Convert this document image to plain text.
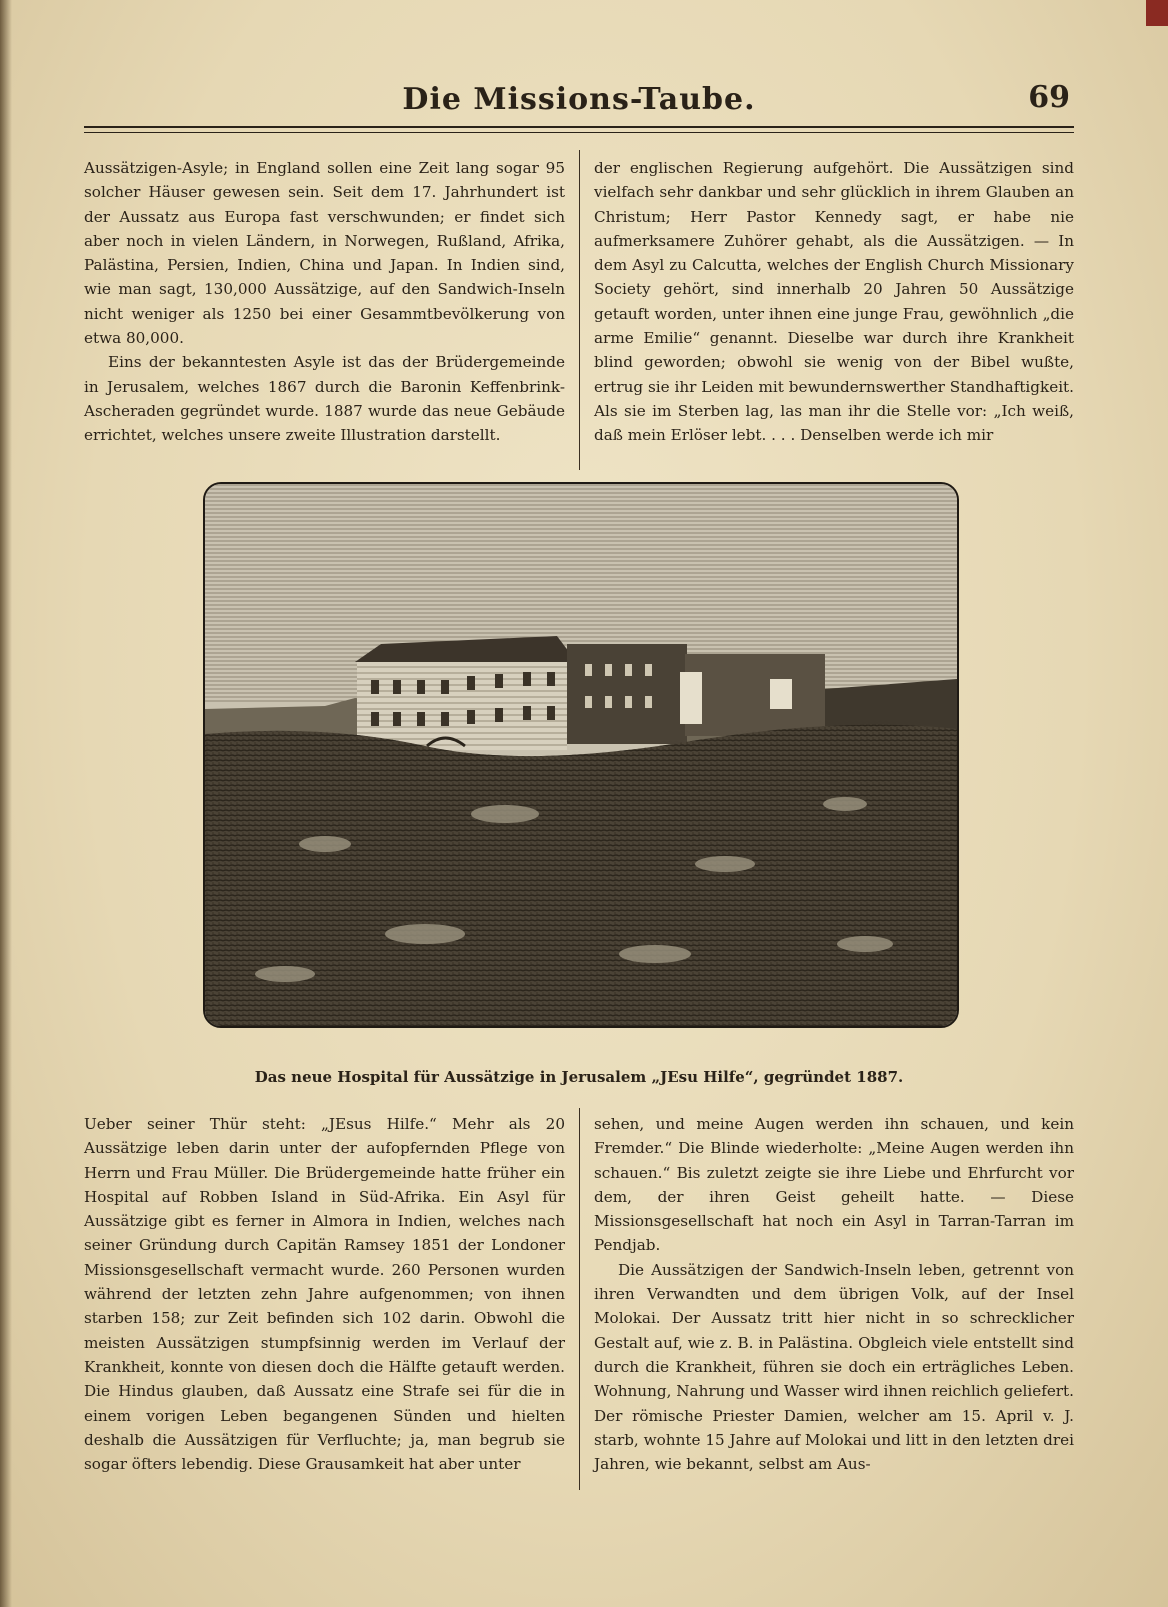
Die Missions-Taube.	69

Aussätzigen-Asyle; in England sollen eine Zeit lang sogar 95 solcher Häuser gewesen sein. Seit dem 17. Jahrhundert ist der Aussatz aus Europa fast verschwunden; er findet sich aber noch in vielen Ländern, in Norwegen, Rußland, Afrika, Palästina, Persien, Indien, China und Japan. In Indien sind, wie man sagt, 130,000 Aussätzige, auf den Sandwich-Inseln nicht weniger als 1250 bei einer Gesammtbevölkerung von etwa 80,000.

Eins der bekanntesten Asyle ist das der Brüdergemeinde in Jerusalem, welches 1867 durch die Baronin Keffenbrink-Ascheraden gegründet wurde. 1887 wurde das neue Gebäude errichtet, welches unsere zweite Illustration darstellt.

der englischen Regierung aufgehört. Die Aussätzigen sind vielfach sehr dankbar und sehr glücklich in ihrem Glauben an Christum; Herr Pastor Kennedy sagt, er habe nie aufmerksamere Zuhörer gehabt, als die Aussätzigen. — In dem Asyl zu Calcutta, welches der English Church Missionary Society gehört, sind innerhalb 20 Jahren 50 Aussätzige getauft worden, unter ihnen eine junge Frau, gewöhnlich „die arme Emilie“ genannt. Dieselbe war durch ihre Krankheit blind geworden; obwohl sie wenig von der Bibel wußte, ertrug sie ihr Leiden mit bewundernswerther Standhaftigkeit. Als sie im Sterben lag, las man ihr die Stelle vor: „Ich weiß, daß mein Erlöser lebt. . . . Denselben werde ich mir

Das neue Hospital für Aussätzige in Jerusalem „JEsu Hilfe“, gegründet 1887.

Ueber seiner Thür steht: „JEsus Hilfe.“ Mehr als 20 Aussätzige leben darin unter der aufopfernden Pflege von Herrn und Frau Müller. Die Brüdergemeinde hatte früher ein Hospital auf Robben Island in Süd-Afrika. Ein Asyl für Aussätzige gibt es ferner in Almora in Indien, welches nach seiner Gründung durch Capitän Ramsey 1851 der Londoner Missionsgesellschaft vermacht wurde. 260 Personen wurden während der letzten zehn Jahre aufgenommen; von ihnen starben 158; zur Zeit befinden sich 102 darin. Obwohl die meisten Aussätzigen stumpfsinnig werden im Verlauf der Krankheit, konnte von diesen doch die Hälfte getauft werden. Die Hindus glauben, daß Aussatz eine Strafe sei für die in einem vorigen Leben begangenen Sünden und hielten deshalb die Aussätzigen für Verfluchte; ja, man begrub sie sogar öfters lebendig. Diese Grausamkeit hat aber unter

sehen, und meine Augen werden ihn schauen, und kein Fremder.“ Die Blinde wiederholte: „Meine Augen werden ihn schauen.“ Bis zuletzt zeigte sie ihre Liebe und Ehrfurcht vor dem, der ihren Geist geheilt hatte. — Diese Missionsgesellschaft hat noch ein Asyl in Tarran-Tarran im Pendjab.

Die Aussätzigen der Sandwich-Inseln leben, getrennt von ihren Verwandten und dem übrigen Volk, auf der Insel Molokai. Der Aussatz tritt hier nicht in so schrecklicher Gestalt auf, wie z. B. in Palästina. Obgleich viele entstellt sind durch die Krankheit, führen sie doch ein erträgliches Leben. Wohnung, Nahrung und Wasser wird ihnen reichlich geliefert. Der römische Priester Damien, welcher am 15. April v. J. starb, wohnte 15 Jahre auf Molokai und litt in den letzten drei Jahren, wie bekannt, selbst am Aus-
